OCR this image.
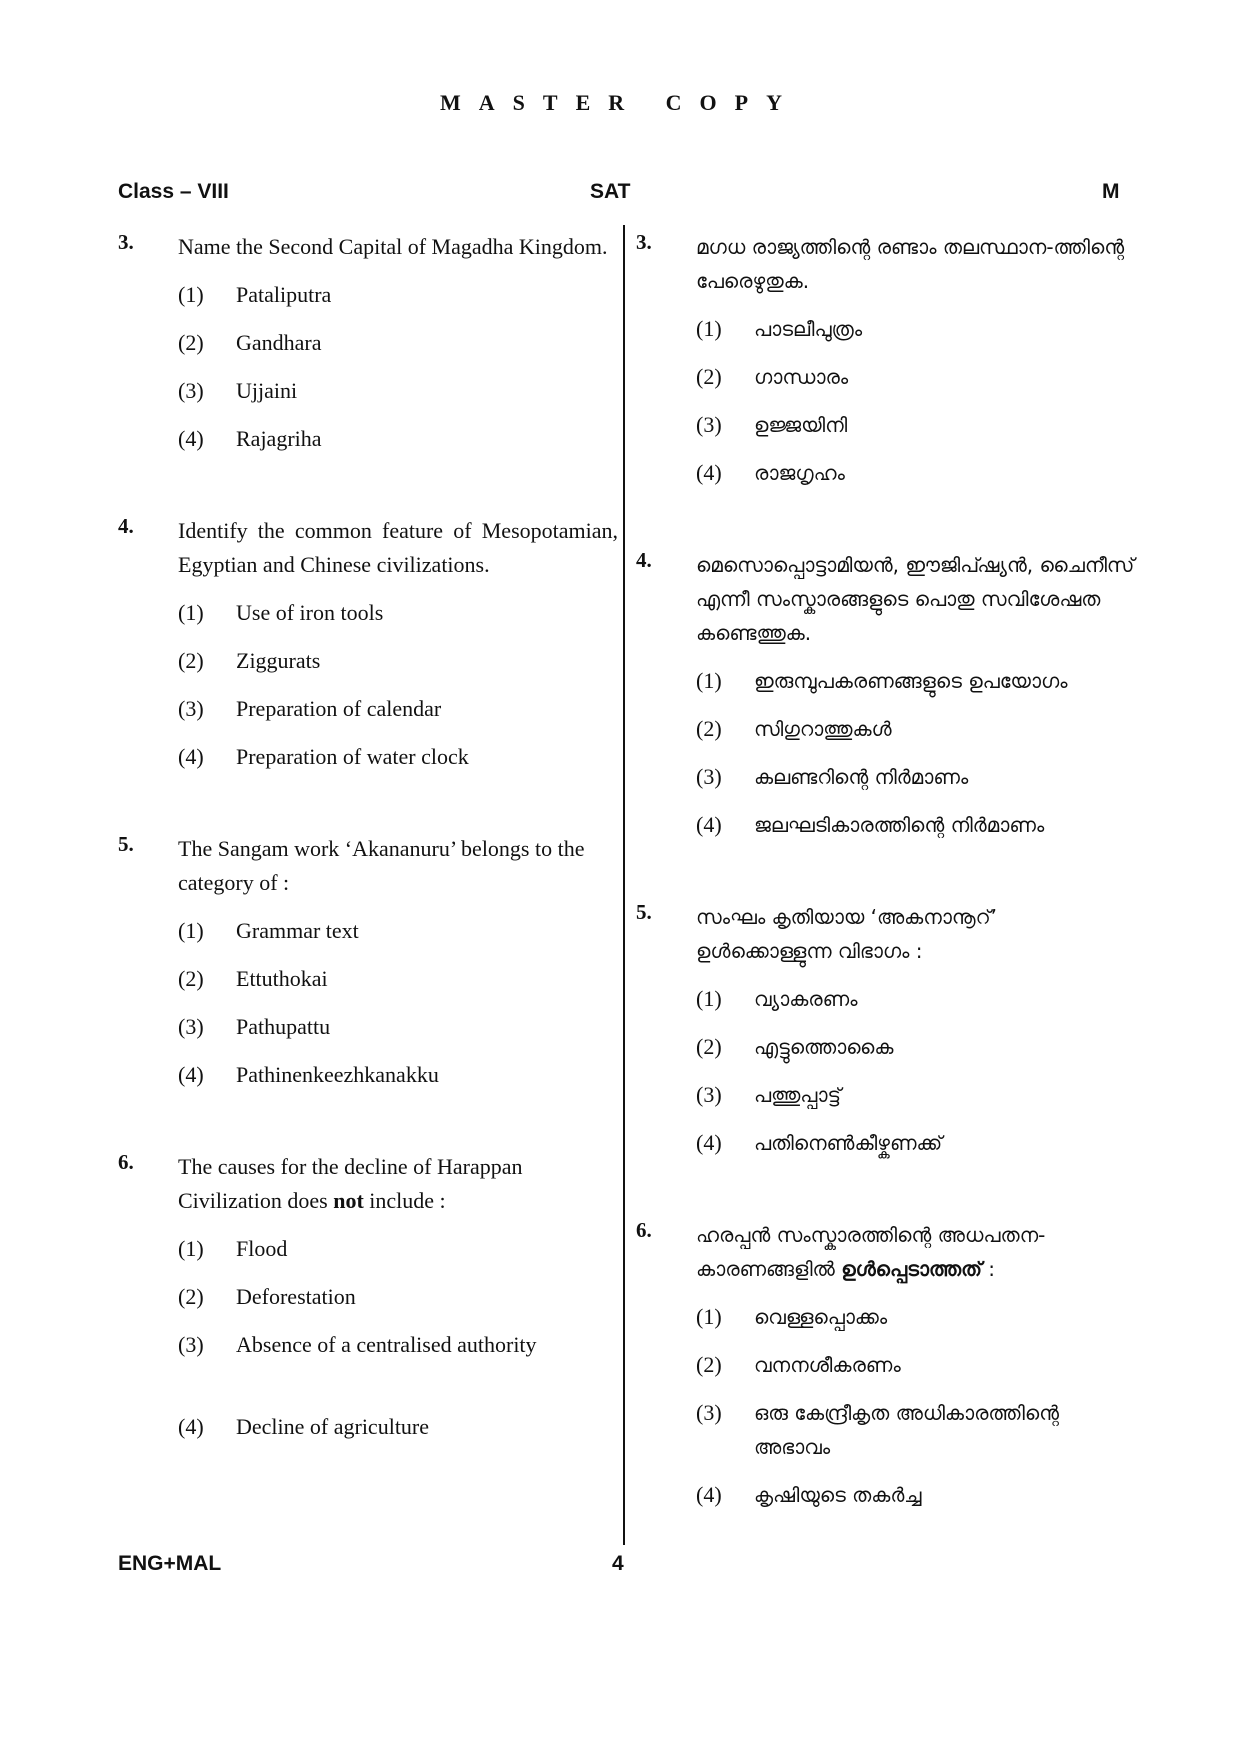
MASTER COPY
Class – VIII	SAT	M
3. Name the Second Capital of Magadha Kingdom.
(1) Pataliputra
(2) Gandhara
(3) Ujjaini
(4) Rajagriha
4. Identify the common feature of Mesopotamian, Egyptian and Chinese civilizations.
(1) Use of iron tools
(2) Ziggurats
(3) Preparation of calendar
(4) Preparation of water clock
5. The Sangam work ‘Akananuru’ belongs to the category of :
(1) Grammar text
(2) Ettuthokai
(3) Pathupattu
(4) Pathinenkeezhkanakku
6. The causes for the decline of Harappan Civilization does not include :
(1) Flood
(2) Deforestation
(3) Absence of a centralised authority
(4) Decline of agriculture
3. മഗധ രാജ്യത്തിന്റെ രണ്ടാം തലസ്ഥാന-ത്തിന്റെ പേരെഴുതുക.
(1) പാടലീപുത്രം
(2) ഗാന്ധാരം
(3) ഉജ്ജയിനി
(4) രാജഗൃഹം
4. മെസൊപ്പൊട്ടാമിയൻ, ഈജിപ്ഷ്യൻ, ചൈനീസ് എന്നീ സംസ്കാരങ്ങളുടെ പൊതു സവിശേഷത കണ്ടെത്തുക.
(1) ഇരുമ്പുപകരണങ്ങളുടെ ഉപയോഗം
(2) സിഗുറാത്തുകൾ
(3) കലണ്ടറിന്റെ നിർമാണം
(4) ജലഘടികാരത്തിന്റെ നിർമാണം
5. സംഘം കൃതിയായ ‘അകനാനൂറ്’ ഉൾക്കൊള്ളുന്ന വിഭാഗം :
(1) വ്യാകരണം
(2) എട്ടുത്തൊകൈ
(3) പത്തുപ്പാട്ട്
(4) പതിനെൺകീഴ്കണക്ക്
6. ഹരപ്പൻ സംസ്കാരത്തിന്റെ അധപതന-കാരണങ്ങളിൽ ഉൾപ്പെടാത്തത് :
(1) വെള്ളപ്പൊക്കം
(2) വനനശീകരണം
(3) ഒരു കേന്ദ്രീകൃത അധികാരത്തിന്റെ അഭാവം
(4) കൃഷിയുടെ തകർച്ച
ENG+MAL	4
